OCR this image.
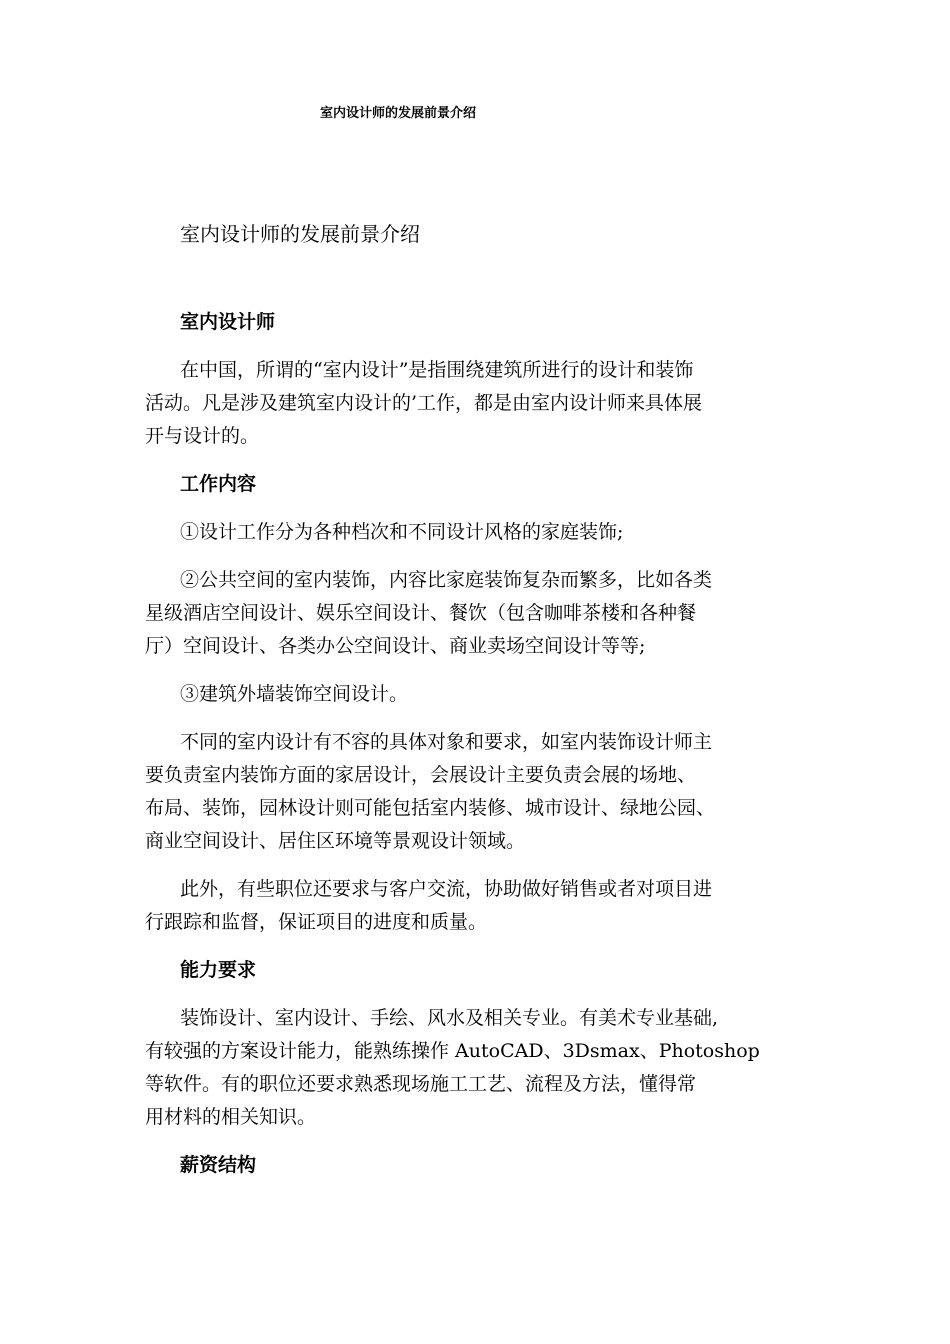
室内设计师的发展前景介绍
室内设计师的发展前景介绍
室内设计师
在中国，所谓的“室内设计”是指围绕建筑所进行的设计和装饰
活动。凡是涉及建筑室内设计的’工作，都是由室内设计师来具体展
开与设计的。
工作内容
①设计工作分为各种档次和不同设计风格的家庭装饰;
②公共空间的室内装饰，内容比家庭装饰复杂而繁多，比如各类
星级酒店空间设计、娱乐空间设计、餐饮（包含咖啡茶楼和各种餐
厅）空间设计、各类办公空间设计、商业卖场空间设计等等;
③建筑外墙装饰空间设计。
不同的室内设计有不容的具体对象和要求，如室内装饰设计师主
要负责室内装饰方面的家居设计，会展设计主要负责会展的场地、
布局、装饰，园林设计则可能包括室内装修、城市设计、绿地公园、
商业空间设计、居住区环境等景观设计领域。
此外，有些职位还要求与客户交流，协助做好销售或者对项目进
行跟踪和监督，保证项目的进度和质量。
能力要求
装饰设计、室内设计、手绘、风水及相关专业。有美术专业基础,
有较强的方案设计能力，能熟练操作 AutoCAD、3Dsmax、Photoshop
等软件。有的职位还要求熟悉现场施工工艺、流程及方法，懂得常
用材料的相关知识。
薪资结构
